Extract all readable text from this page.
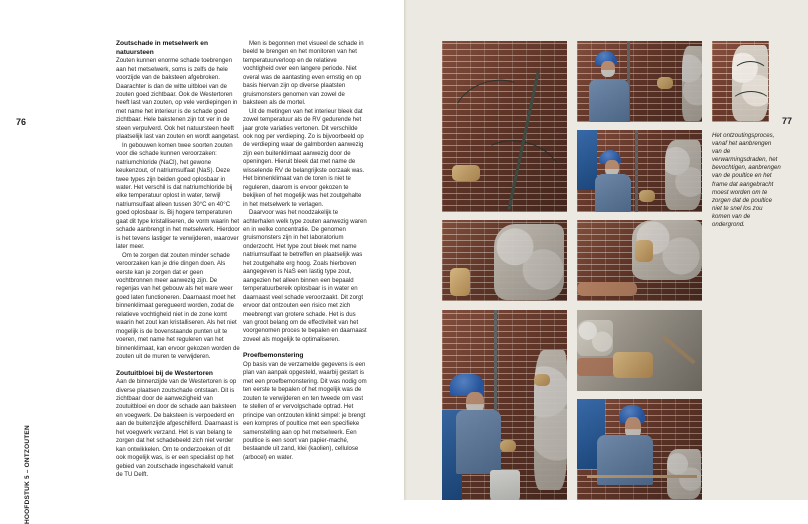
76
HOOFDSTUK 5 – ONTZOUTEN
Zoutschade in metselwerk en natuursteen

Zouten kunnen enorme schade toebrengen aan het metselwerk, soms is zelfs de hele voorzijde van de baksteen afgebroken. Daarachter is dan de witte uitbloei van de zouten goed zichtbaar. Ook de Westertoren heeft last van zouten, op vele verdiepingen in met name het interieur is de schade goed zichtbaar. Hele bakstenen zijn tot ver in de steen verpulverd. Ook het natuursteen heeft plaatselijk last van zouten en wordt aangetast.

In gebouwen komen twee soorten zouten voor die schade kunnen veroorzaken: natriumchloride (NaCl), het gewone keukenzout, of natriumsulfaat (NaS). Deze twee types zijn beiden goed oplosbaar in water. Het verschil is dat natriumchloride bij elke temperatuur oplost in water, terwijl natriumsulfaat alleen tussen 30°C en 40°C goed oplosbaar is. Bij hogere temperaturen gaat dit type kristalliseren, de vorm waarin het schade aanbrengt in het metselwerk. Hierdoor is het tevens lastiger te verwijderen, waarover later meer.

Om te zorgen dat zouten minder schade veroorzaken kan je drie dingen doen. Als eerste kan je zorgen dat er geen vochtbronnen meer aanwezig zijn. De regenjas van het gebouw als het ware weer goed laten functioneren. Daarnaast moet het binnenklimaat geregueerd worden, zodat de relatieve vochtigheid niet in de zone komt waarin het zout kan kristalliseren. Als het niet mogelijk is de bovenstaande punten uit te voeren, met name het reguleren van het binnenklimaat, kan ervoor gekozen worden de zouten uit de muren te verwijderen.

Zoutuitbloei bij de Westertoren

Aan de binnenzijde van de Westertoren is op diverse plaatsen zoutschade ontstaan. Dit is zichtbaar door de aanwezigheid van zoutuitbloei en door de schade aan baksteen en voegwerk. De baksteen is verpoederd en aan de buitenzijde afgeschilferd. Daarnaast is het voegwerk verzand. Het is van belang te zorgen dat het schadebeeld zich niet verder kan ontwikkelen. Om te onderzoeken of dit ook mogelijk was, is er een specialist op het gebied van zoutschade ingeschakeld vanuit de TU Delft.

Men is begonnen met visueel de schade in beeld te brengen en het monitoren van het temperatuurverloop en de relatieve vochtigheid over een langere periode. Niet overal was de aantasting even ernstig en op basis hiervan zijn op diverse plaatsten gruismonsters genomen van zowel de baksteen als de mortel.

Uit de metingen van het interieur bleek dat zowel temperatuur als de RV gedurende het jaar grote variaties vertonen. Dit verschilde ook nog per verdieping. Zo is bijvoorbeeld op de verdieping waar de galmborden aanwezig zijn een buitenklimaat aanwezig door de openingen. Hieruit bleek dat met name de wisselende RV de belangrijkste oorzaak was. Het binnenklimaat van de toren is niet te reguleren, daarom is ervoor gekozen te bekijken of het mogelijk was het zoutgehalte in het metselwerk te verlagen.

Daarvoor was het noodzakelijk te achterhalen welk type zouten aanwezig waren en in welke concentratie. De genomen gruismonsters zijn in het laboratorium onderzocht. Het type zout bleek met name natriumsulfaat te betreffen en plaatselijk was het zoutgehalte erg hoog. Zoals hierboven aangegeven is NaS een lastig type zout, aangezien het alleen binnen een bepaald temperatuurbereik oplosbaar is in water en daarnaast veel schade veroorzaakt. Dit zorgt ervoor dat ontzouten een risico met zich meebrengt van grotere schade. Het is dus van groot belang om de effectiviteit van het voorgenomen proces te bepalen en daarnaast zoveel als mogelijk te optimaliseren.

Proefbemonstering

Op basis van de verzamelde gegevens is een plan van aanpak opgesteld, waarbij gestart is met een proefbemonstering. Dit was nodig om ten eerste te bepalen of het mogelijk was de zouten te verwijderen en ten tweede om vast te stellen of er vervolgschade optrad. Het principe van ontzouten klinkt simpel: je brengt een kompres of poultice met een specifieke samenstelling aan op het metselwerk. Een poultice is een soort van papier-maché, bestaande uit zand, klei (kaolien), cellulose (arbocel) en water.

Het ontzoutingsproces, vanaf het aanbrengen van de verwarmingsdraden, het bevochtigen, aanbrengen van de poultice en het frame dat aangebracht moest worden om te zorgen dat de poultice niet te snel los zou komen van de ondergrond.
77
